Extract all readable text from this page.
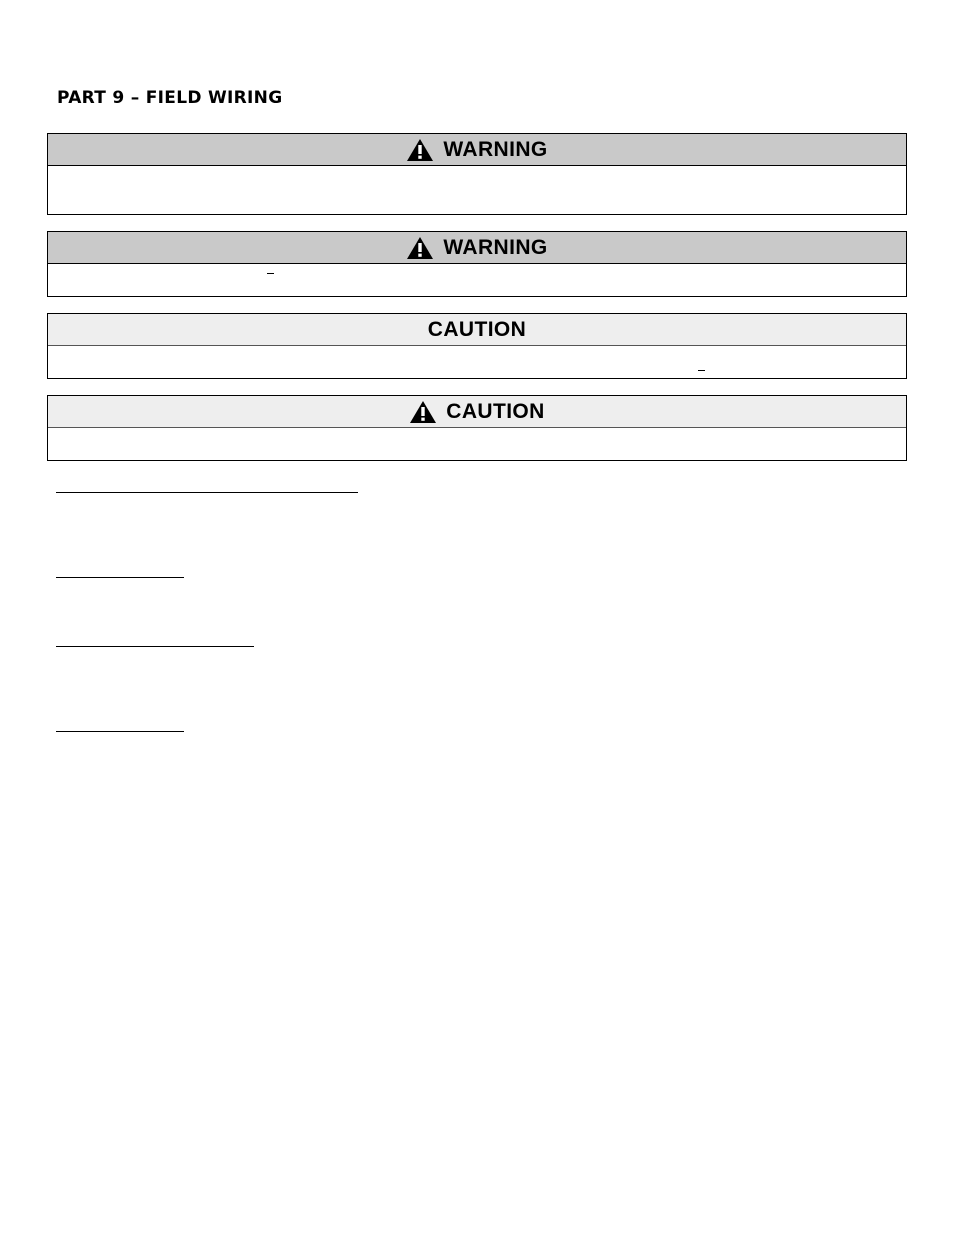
PART 9 – FIELD WIRING
WARNING
WARNING
CAUTION
CAUTION
